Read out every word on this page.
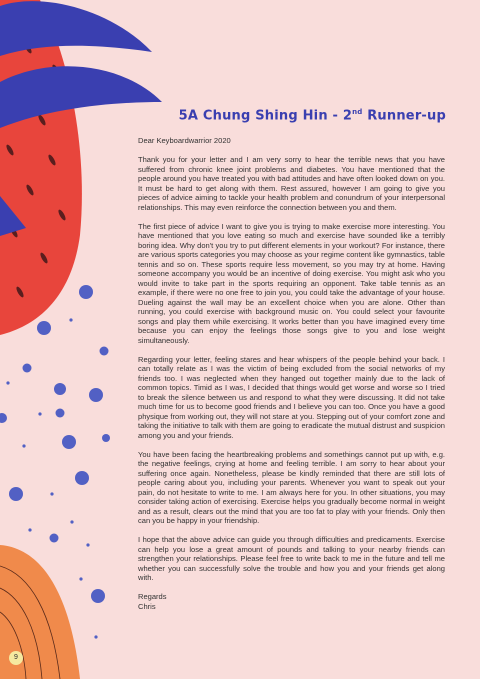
5A Chung Shing Hin - 2nd Runner-up

Dear Keyboardwarrior 2020

Thank you for your letter and I am very sorry to hear the terrible news that you have suffered from chronic knee joint problems and diabetes. You have mentioned that the people around you have treated you with bad attitudes and have often looked down on you. It must be hard to get along with them. Rest assured, however I am going to give you pieces of advice aiming to tackle your health problem and conundrum of your interpersonal relationships. This may even reinforce the connection between you and them.

The first piece of advice I want to give you is trying to make exercise more interesting. You have mentioned that you love eating so much and exercise have sounded like a terribly boring idea. Why don't you try to put different elements in your workout? For instance, there are various sports categories you may choose as your regime content like gymnastics, table tennis and so on. These sports require less movement, so you may try at home. Having someone accompany you would be an incentive of doing exercise. You might ask who you would invite to take part in the sports requiring an opponent. Take table tennis as an example, if there were no one free to join you, you could take the advantage of your house. Dueling against the wall may be an excellent choice when you are alone. Other than running, you could exercise with background music on. You could select your favourite songs and play them while exercising. It works better than you have imagined every time because you can enjoy the feelings those songs give to you and lose weight simultaneously.

Regarding your letter, feeling stares and hear whispers of the people behind your back. I can totally relate as I was the victim of being excluded from the social networks of my friends too. I was neglected when they hanged out together mainly due to the lack of common topics. Timid as I was, I decided that things would get worse and worse so I tried to break the silence between us and respond to what they were discussing. It did not take much time for us to become good friends and I believe you can too. Once you have a good physique from working out, they will not stare at you. Stepping out of your comfort zone and taking the initiative to talk with them are going to eradicate the mutual distrust and suspicion among you and your friends.

You have been facing the heartbreaking problems and somethings cannot put up with, e.g. the negative feelings, crying at home and feeling terrible. I am sorry to hear about your suffering once again. Nonetheless, please be kindly reminded that there are still lots of people caring about you, including your parents. Whenever you want to speak out your pain, do not hesitate to write to me. I am always here for you. In other situations, you may consider taking action of exercising. Exercise helps you gradually become normal in weight and as a result, clears out the mind that you are too fat to play with your friends. Only then can you be happy in your friendship.

I hope that the above advice can guide you through difficulties and predicaments. Exercise can help you lose a great amount of pounds and talking to your nearby friends can strengthen your relationships. Please feel free to write back to me in the future and tell me whether you can successfully solve the trouble and how you and your friends get along with.

Regards

Chris

9
